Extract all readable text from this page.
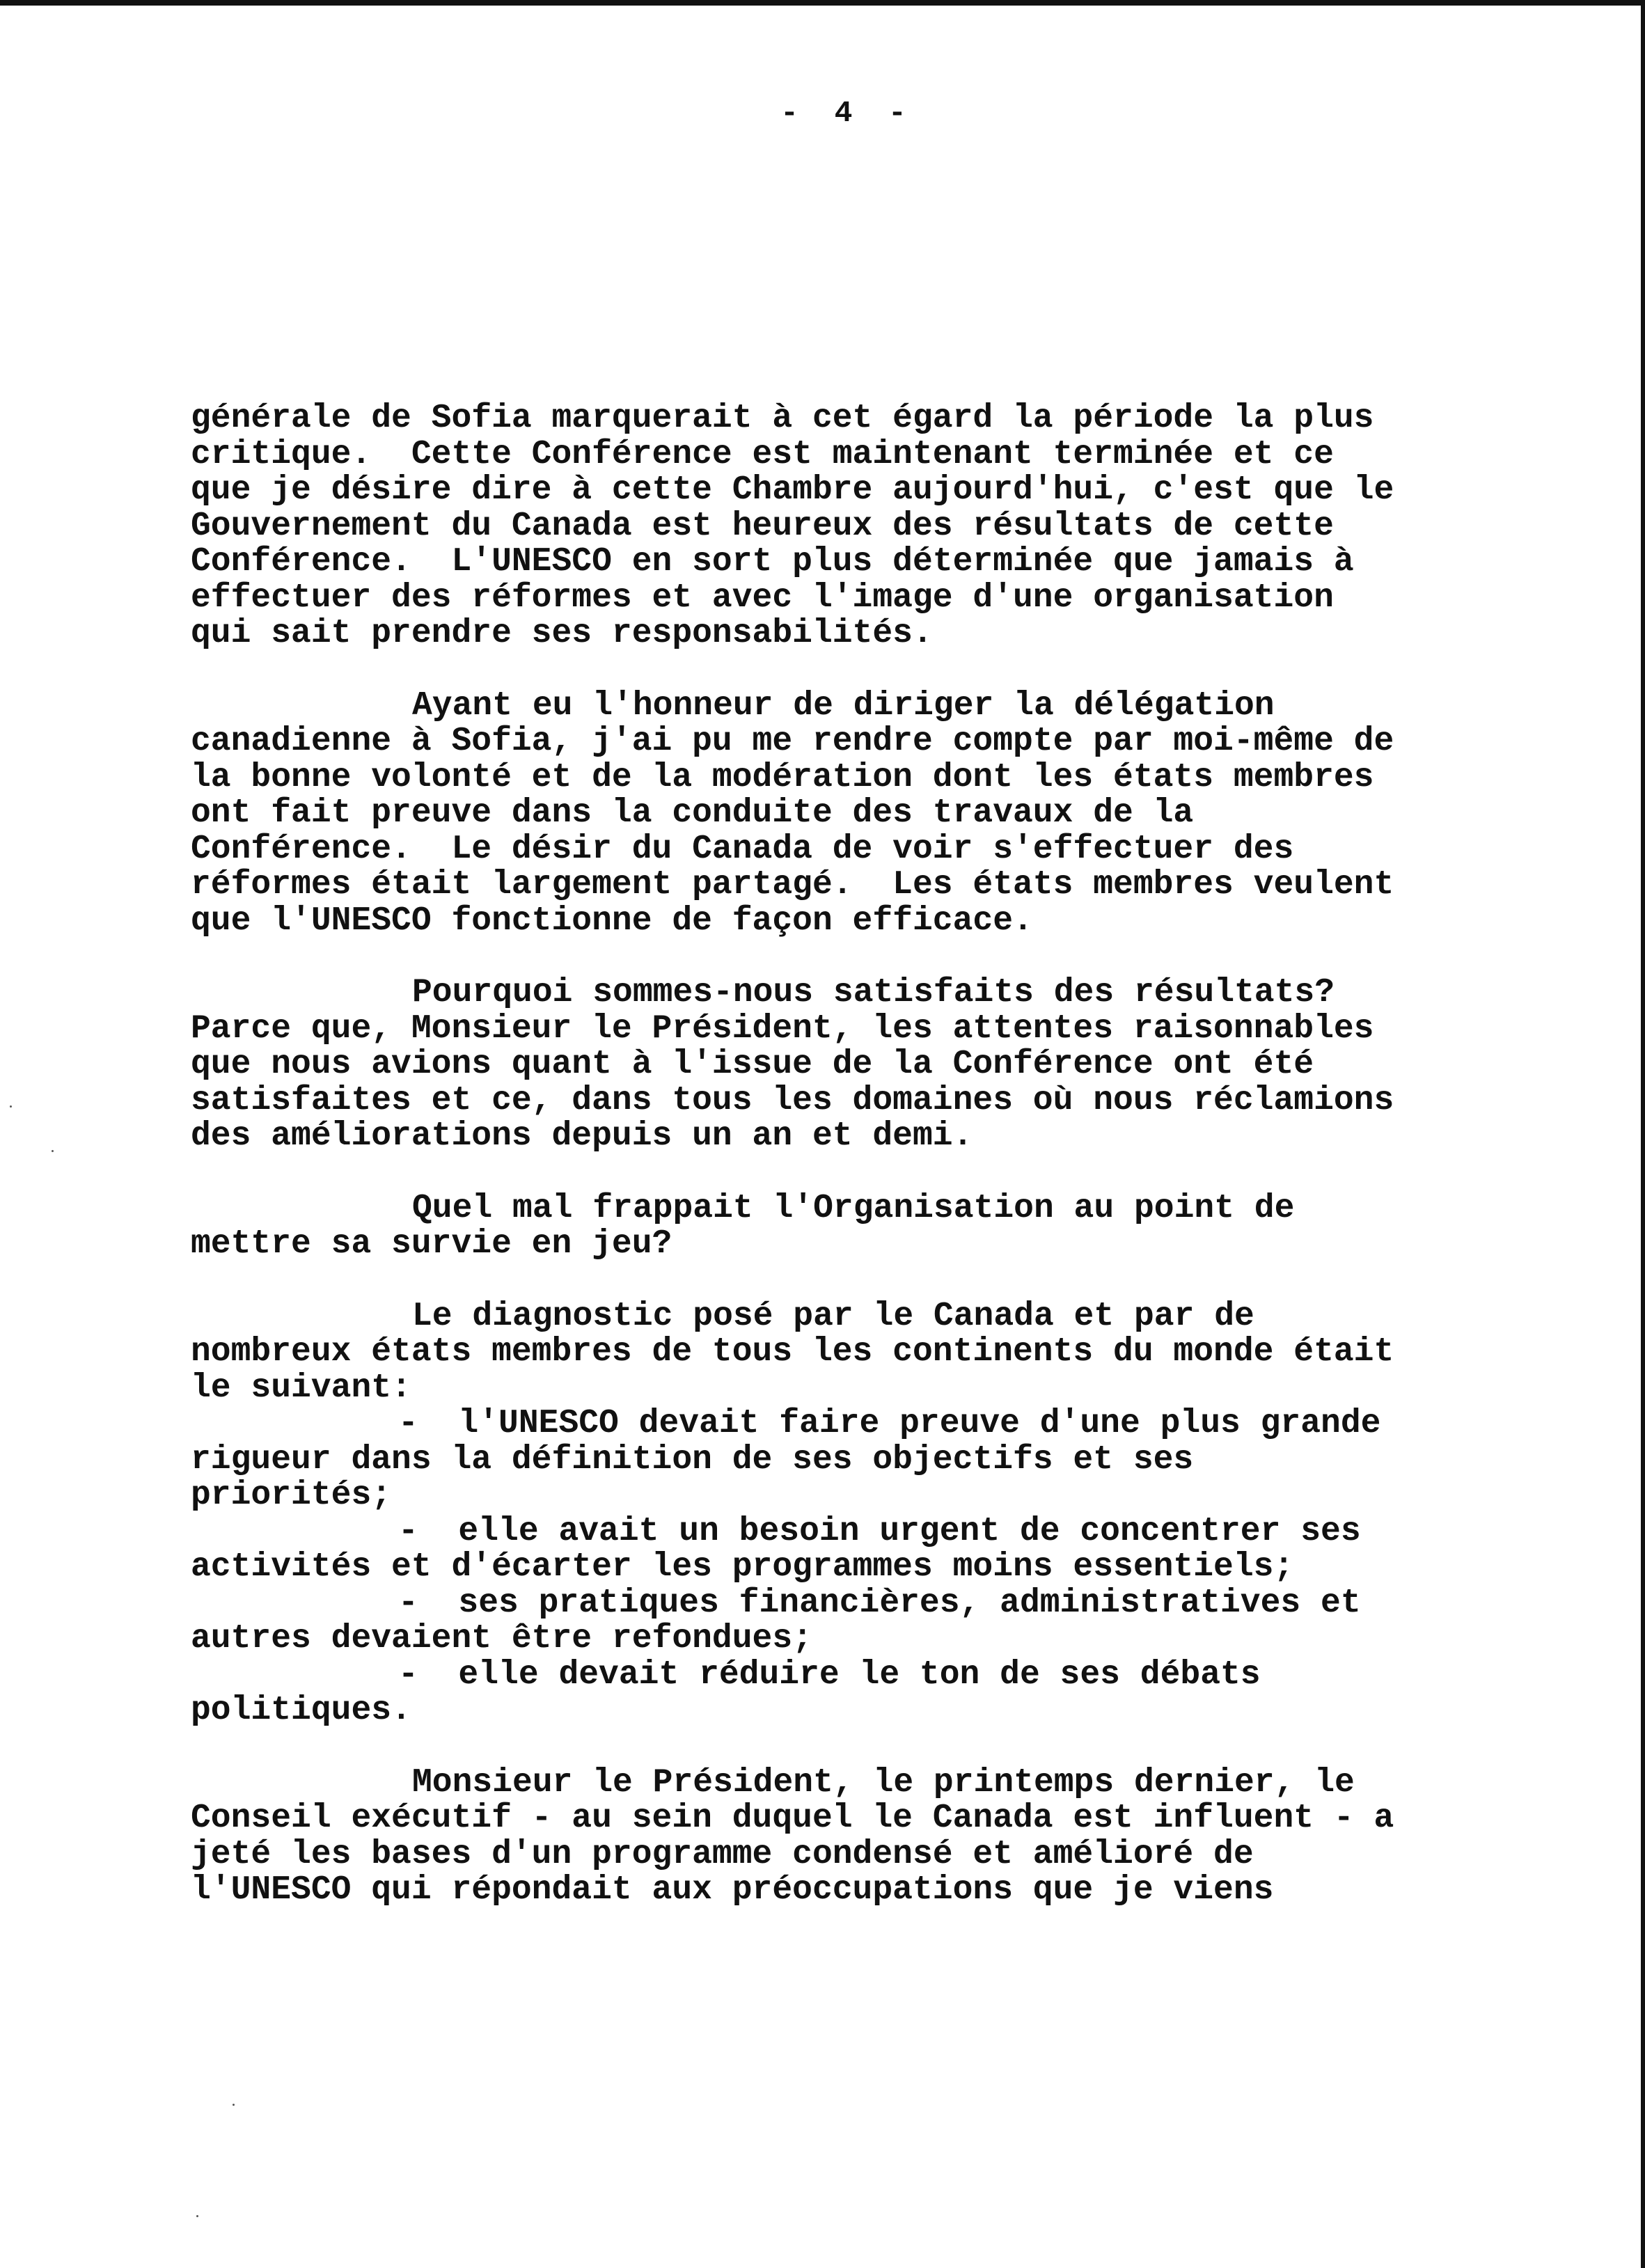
-  4  -
générale de Sofia marquerait à cet égard la période la plus
critique.  Cette Conférence est maintenant terminée et ce
que je désire dire à cette Chambre aujourd'hui, c'est que le
Gouvernement du Canada est heureux des résultats de cette
Conférence.  L'UNESCO en sort plus déterminée que jamais à
effectuer des réformes et avec l'image d'une organisation
qui sait prendre ses responsabilités.
Ayant eu l'honneur de diriger la délégation
canadienne à Sofia, j'ai pu me rendre compte par moi-même de
la bonne volonté et de la modération dont les états membres
ont fait preuve dans la conduite des travaux de la
Conférence.  Le désir du Canada de voir s'effectuer des
réformes était largement partagé.  Les états membres veulent
que l'UNESCO fonctionne de façon efficace.
Pourquoi sommes-nous satisfaits des résultats?
Parce que, Monsieur le Président, les attentes raisonnables
que nous avions quant à l'issue de la Conférence ont été
satisfaites et ce, dans tous les domaines où nous réclamions
des améliorations depuis un an et demi.
Quel mal frappait l'Organisation au point de
mettre sa survie en jeu?
Le diagnostic posé par le Canada et par de
nombreux états membres de tous les continents du monde était
le suivant:
-  l'UNESCO devait faire preuve d'une plus grande
rigueur dans la définition de ses objectifs et ses
priorités;
-  elle avait un besoin urgent de concentrer ses
activités et d'écarter les programmes moins essentiels;
-  ses pratiques financières, administratives et
autres devaient être refondues;
-  elle devait réduire le ton de ses débats
politiques.
Monsieur le Président, le printemps dernier, le
Conseil exécutif - au sein duquel le Canada est influent - a
jeté les bases d'un programme condensé et amélioré de
l'UNESCO qui répondait aux préoccupations que je viens
